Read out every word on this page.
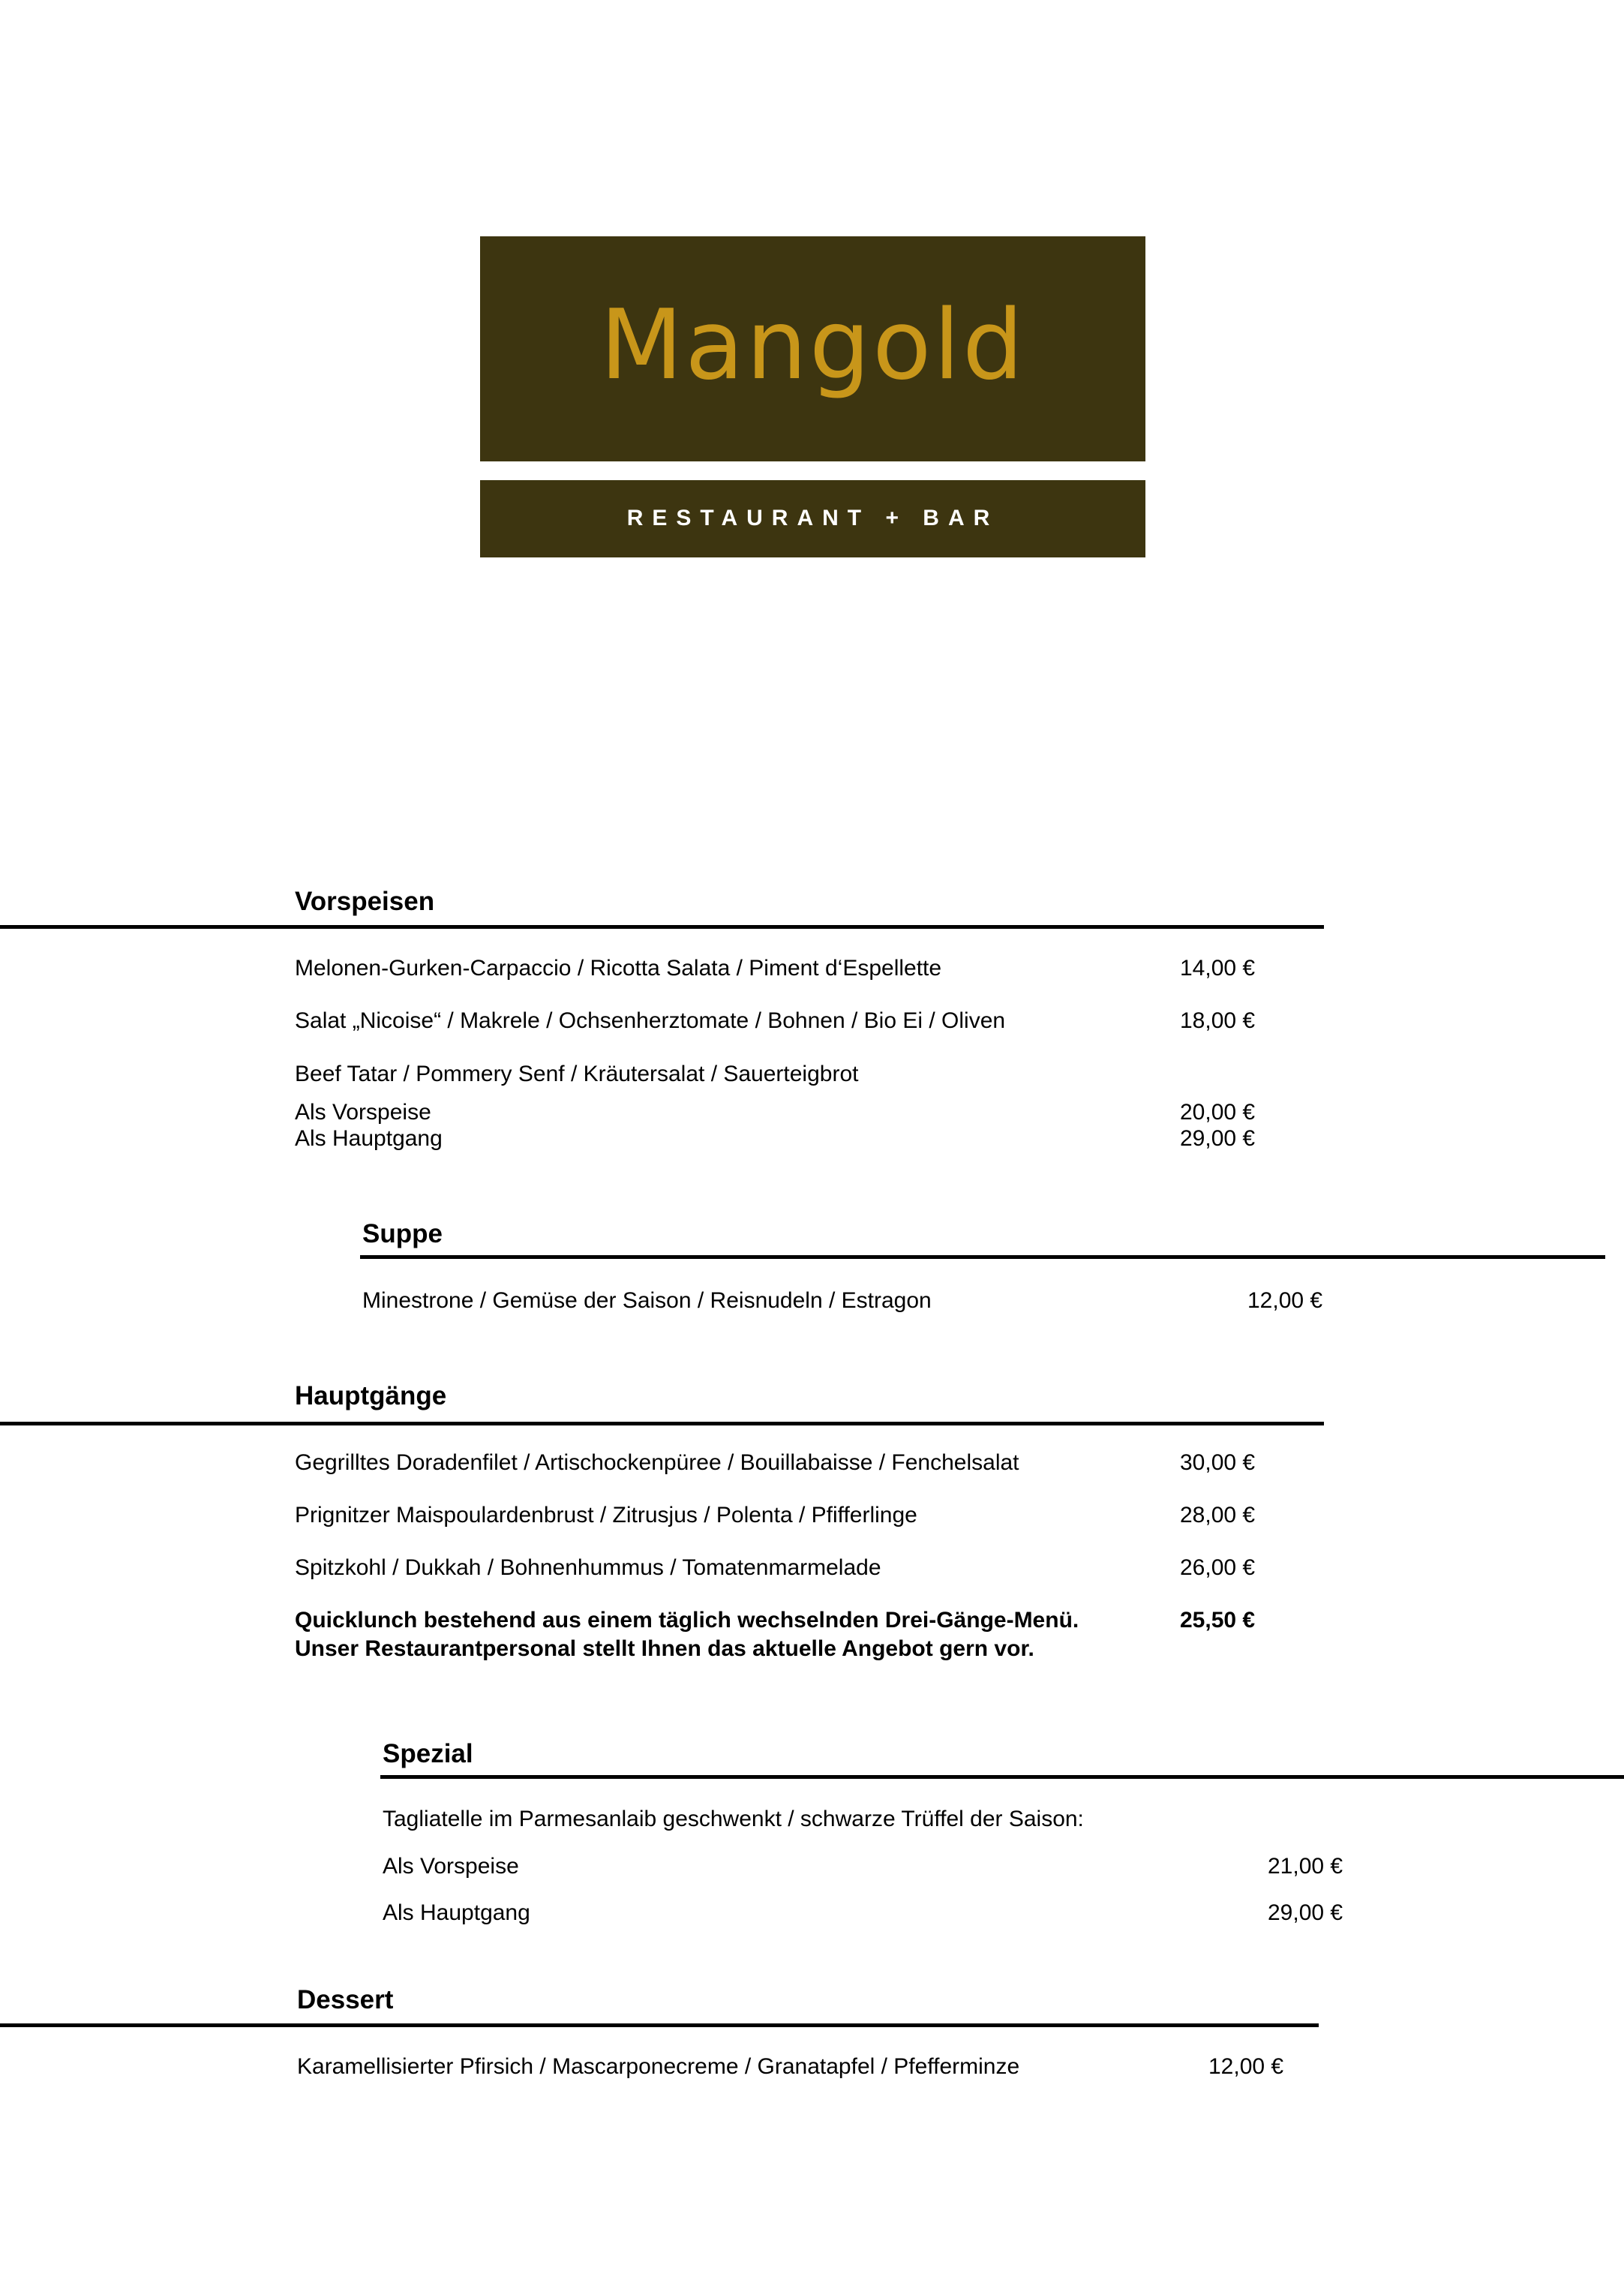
Mangold
RESTAURANT + BAR
Vorspeisen
Melonen-Gurken-Carpaccio / Ricotta Salata / Piment d‘Espellette	14,00 €
Salat „Nicoise“ / Makrele / Ochsenherztomate / Bohnen / Bio Ei / Oliven	18,00 €
Beef Tatar / Pommery Senf / Kräutersalat / Sauerteigbrot
Als Vorspeise	20,00 €
Als Hauptgang	29,00 €
Suppe
Minestrone / Gemüse der Saison / Reisnudeln / Estragon	12,00 €
Hauptgänge
Gegrilltes Doradenfilet / Artischockenpüree / Bouillabaisse / Fenchelsalat	30,00 €
Prignitzer Maispoulardenbrust / Zitrusjus / Polenta / Pfifferlinge	28,00 €
Spitzkohl / Dukkah / Bohnenhummus / Tomatenmarmelade	26,00 €
Quicklunch bestehend aus einem täglich wechselnden Drei-Gänge-Menü.	25,50 €
Unser Restaurantpersonal stellt Ihnen das aktuelle Angebot gern vor.
Spezial
Tagliatelle im Parmesanlaib geschwenkt / schwarze Trüffel der Saison:
Als Vorspeise	21,00 €
Als Hauptgang	29,00 €
Dessert
Karamellisierter Pfirsich / Mascarponecreme / Granatapfel / Pfefferminze	12,00 €
